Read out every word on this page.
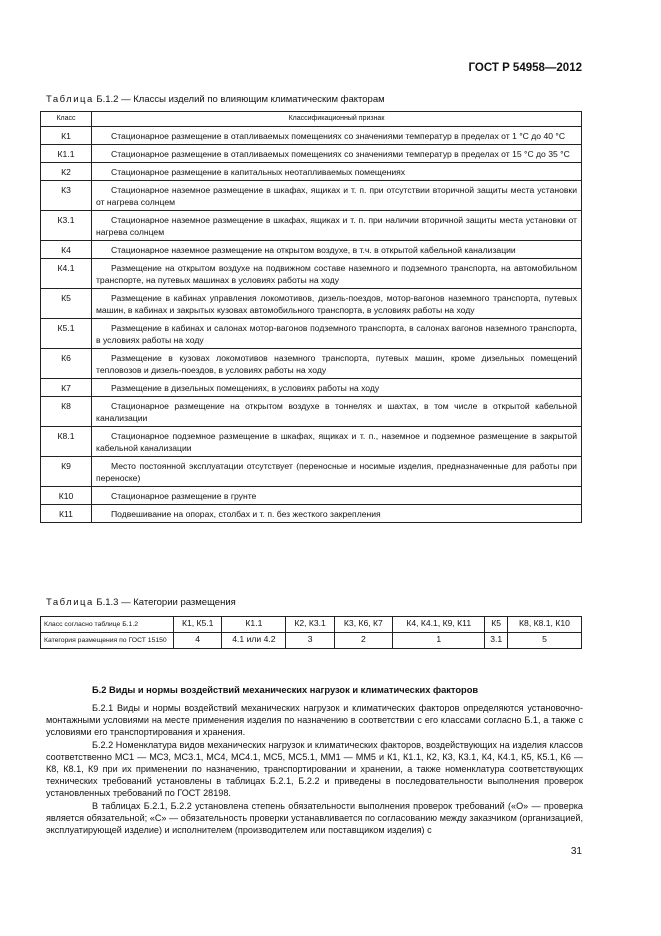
ГОСТ Р 54958—2012
Таблица Б.1.2 — Классы изделий по влияющим климатическим факторам
Класс	Классификационный признак
К1	Стационарное размещение в отапливаемых помещениях со значениями температур в пределах от 1 °С до 40 °С
К1.1	Стационарное размещение в отапливаемых помещениях со значениями температур в пределах от 15 °С до 35 °С
К2	Стационарное размещение в капитальных неотапливаемых помещениях
К3	Стационарное наземное размещение в шкафах, ящиках и т. п. при отсутствии вторичной защиты места установки от нагрева солнцем
К3.1	Стационарное наземное размещение в шкафах, ящиках и т. п. при наличии вторичной защиты места установки от нагрева солнцем
К4	Стационарное наземное размещение на открытом воздухе, в т.ч. в открытой кабельной канализации
К4.1	Размещение на открытом воздухе на подвижном составе наземного и подземного транспорта, на автомобильном транспорте, на путевых машинах в условиях работы на ходу
К5	Размещение в кабинах управления локомотивов, дизель-поездов, мотор-вагонов наземного транспорта, путевых машин, в кабинах и закрытых кузовах автомобильного транспорта, в условиях работы на ходу
К5.1	Размещение в кабинах и салонах мотор-вагонов подземного транспорта, в салонах вагонов наземного транспорта, в условиях работы на ходу
К6	Размещение в кузовах локомотивов наземного транспорта, путевых машин, кроме дизельных помещений тепловозов и дизель-поездов, в условиях работы на ходу
К7	Размещение в дизельных помещениях, в условиях работы на ходу
К8	Стационарное размещение на открытом воздухе в тоннелях и шахтах, в том числе в открытой кабельной канализации
К8.1	Стационарное подземное размещение в шкафах, ящиках и т. п., наземное и подземное размещение в закрытой кабельной канализации
К9	Место постоянной эксплуатации отсутствует (переносные и носимые изделия, предназначенные для работы при переноске)
К10	Стационарное размещение в грунте
К11	Подвешивание на опорах, столбах и т. п. без жесткого закрепления
Таблица Б.1.3 — Категории размещения
Класс согласно таблице Б.1.2	К1, К5.1	К1.1	К2, К3.1	К3, К6, К7	К4, К4.1, К9, К11	К5	К8, К8.1, К10
Категория размещения по ГОСТ 15150	4	4.1 или 4.2	3	2	1	3.1	5
Б.2 Виды и нормы воздействий механических нагрузок и климатических факторов

Б.2.1 Виды и нормы воздействий механических нагрузок и климатических факторов определяются установочно-монтажными условиями на месте применения изделия по назначению в соответствии с его классами согласно Б.1, а также с условиями его транспортирования и хранения.

Б.2.2 Номенклатура видов механических нагрузок и климатических факторов, воздействующих на изделия классов соответственно МС1 — МС3, МС3.1, МС4, МС4.1, МС5, МС5.1, ММ1 — ММ5 и К1, К1.1, К2, К3, К3.1, К4, К4.1, К5, К5.1, К6 — К8, К8.1, К9 при их применении по назначению, транспортировании и хранении, а также номенклатура соответствующих технических требований установлены в таблицах Б.2.1, Б.2.2 и приведены в последовательности выполнения проверок установленных требований по ГОСТ 28198.

В таблицах Б.2.1, Б.2.2 установлена степень обязательности выполнения проверок требований («О» — проверка является обязательной; «С» — обязательность проверки устанавливается по согласованию между заказчиком (организацией, эксплуатирующей изделие) и исполнителем (производителем или поставщиком изделия) с

31
